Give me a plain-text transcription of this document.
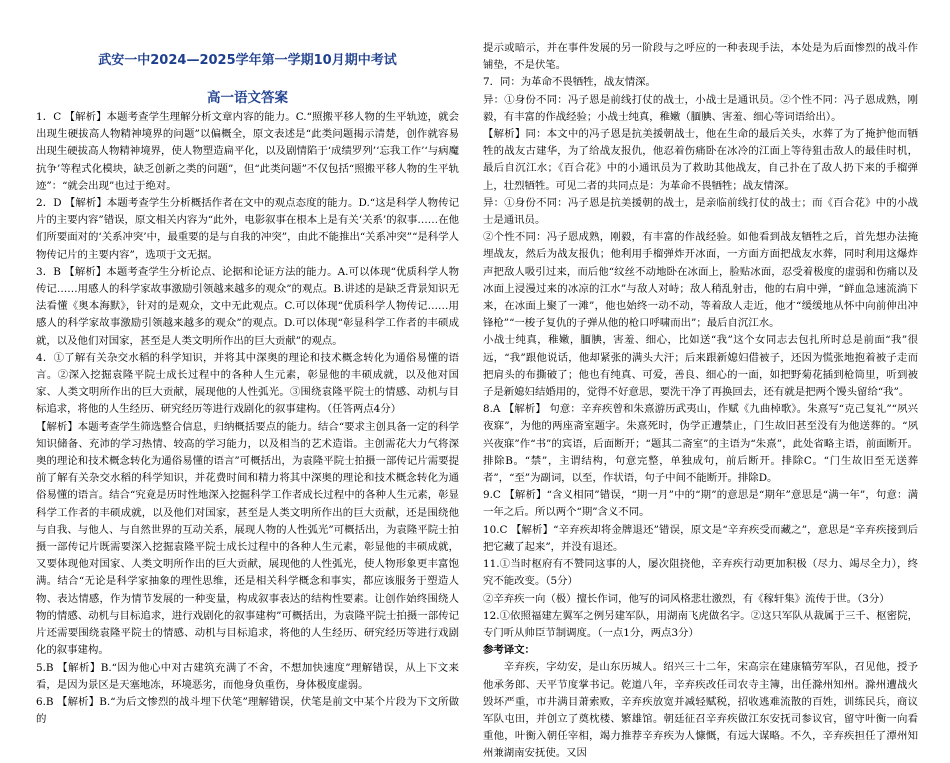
武安一中2024—2025学年第一学期10月期中考试
高一语文答案

1．C 【解析】本题考查学生理解分析文章内容的能力。C.“照搬平移人物的生平轨迹，就会出现生硬拔高人物精神境界的问题”以偏概全，原文表述是“此类问题揭示清楚，创作就容易出现生硬拔高人物精神境界，使人物塑造扁平化，以及剧情陷于‘成绩罗列’‘忘我工作’‘与病魔抗争’等程式化模块，缺乏创新之类的问题”，但“此类问题”不仅包括“照搬平移人物的生平轨迹”：“就会出现”也过于绝对。

2．D 【解析】本题考查学生分析概括作者在文中的观点态度的能力。D.“这是科学人物传记片的主要内容”错误，原文相关内容为“此外，电影叙事在根本上是有关‘关系’的叙事……在他们所要面对的‘关系冲突’中，最重要的是与自我的冲突”，由此不能推出“关系冲突”“是科学人物传记片的主要内容”，选项于文无据。

3．B 【解析】本题考查学生分析论点、论据和论证方法的能力。A.可以体现“优质科学人物传记……用感人的科学家故事激励引领越来越多的观众”的观点。B.讲述的是缺乏背景知识无法看懂《奥本海默》，针对的是观众，文中无此观点。C.可以体现“优质科学人物传记……用感人的科学家故事激励引领越来越多的观众”的观点。D.可以体现“彰显科学工作者的丰硕成就，以及他们对国家，甚至是人类文明所作出的巨大贡献”的观点。

4．①了解有关杂交水稻的科学知识，并将其中深奥的理论和技术概念转化为通俗易懂的语言。②深入挖掘袁隆平院士成长过程中的各种人生元素，彰显他的丰硕成就，以及他对国家、人类文明所作出的巨大贡献，展现他的人性弧光。③围绕袁隆平院士的情感、动机与目标追求，将他的人生经历、研究经历等进行戏剧化的叙事建构。（任答两点4分）

【解析】本题考查学生筛选整合信息，归纳概括要点的能力。结合“要求主创具备一定的科学知识储备、充沛的学习热情、较高的学习能力，以及相当的艺术造诣。主创需花大力气将深奥的理论和技术概念转化为通俗易懂的语言”可概括出，为袁隆平院士拍摄一部传记片需要提前了解有关杂交水稻的科学知识，并花费时间和精力将其中深奥的理论和技术概念转化为通俗易懂的语言。结合“究竟是历时性地深入挖掘科学工作者成长过程中的各种人生元素，彰显科学工作者的丰硕成就，以及他们对国家，甚至是人类文明所作出的巨大贡献，还是围绕他与自我、与他人、与自然世界的互动关系，展现人物的人性弧光”可概括出，为袁隆平院士拍摄一部传记片既需要深入挖掘袁隆平院士成长过程中的各种人生元素，彰显他的丰硕成就，又要体现他对国家、人类文明所作出的巨大贡献，展现他的人性弧光，使人物形象更丰富饱满。结合“无论是科学家抽象的理性思维，还是相关科学概念和事实，都应该服务于塑造人物、表达情感，作为情节发展的一种变量，构成叙事表达的结构性要素。让创作始终围绕人物的情感、动机与目标追求，进行戏剧化的叙事建构”可概括出，为袁隆平院士拍摄一部传记片还需要围绕袁隆平院士的情感、动机与目标追求，将他的人生经历、研究经历等进行戏剧化的叙事建构。

5.B 【解析】B.“因为他心中对古建筑充满了不舍，不想加快速度”理解错误，从上下文来看，是因为景区是天塞地冻，环境恶劣，而他身负重伤，身体极度虚弱。

6.B 【解析】B.“为后文惨烈的战斗埋下伏笔”理解错误，伏笔是前文中某个片段为下文所做的

提示或暗示，并在事件发展的另一阶段与之呼应的一种表现手法，本处是为后面惨烈的战斗作铺垫，不是伏笔。

7．同：为革命不畏牺牲，战友情深。

异：①身份不同：冯子恩是前线打仗的战士，小战士是通讯员。②个性不同：冯子恩成熟，刚毅，有丰富的作战经验；小战士纯真，稚嫩（腼腆、害羞、细心等词语给出）。

【解析】同：本文中的冯子恩是抗美援朝战士，他在生命的最后关头，水葬了为了掩护他而牺牲的战友古建华，为了给战友报仇，他忍着伤痛卧在冰冷的江面上等待狙击敌人的最佳时机，最后自沉江水；《百合花》中的小通讯员为了救助其他战友，自己扑在了敌人扔下来的手榴弹上，壮烈牺牲。可见二者的共同点是：为革命不畏牺牲；战友情深。

异：①身份不同：冯子恩是抗美援朝的战士，是亲临前线打仗的战士；而《百合花》中的小战士是通讯员。

②个性不同：冯子恩成熟，刚毅，有丰富的作战经验。如他看到战友牺牲之后，首先想办法掩埋战友，然后为战友报仇；他利用手榴弹炸开冰面，一方面方面把战友水葬，同时利用这爆炸声把敌人吸引过来，而后他“纹丝不动地卧在冰面上，脸贴冰面，忍受着极度的虚弱和伤痛以及冰面上浸漫过来的冰凉的江水”与敌人对峙；敌人稍乱射击，他的右肩中弹，“鲜血急速流淌下来，在冰面上聚了一滩”，他也始终一动不动，等着敌人走近，他才“缓缓地从怀中向前伸出冲锋枪”“一梭子复仇的子弹从他的枪口呼啸而出”；最后自沉江水。

小战士纯真，稚嫩，腼腆，害羞、细心，比如送“我”这个女同志去包扎所时总是前面“我”很远，“我”跟他说话，他却紧张的满头大汗；后来跟新媳妇借被子，还因为慌张地抱着被子走而把肩头的布撕破了；他也有纯真、可爱，善良、细心的一面，如把野菊花插到枪筒里，听到被子是新媳妇结婚用的，觉得不好意思，要洗干净了再换回去，还有就是把两个馒头留给“我”。

8.A 【解析】 句意：辛弃疾曾和朱熹游历武夷山，作赋《九曲棹歌》。朱熹写“克己复礼”“夙兴夜寐”，为他的两座斋室题字。朱熹死时，伪学正遭禁止，门生故旧甚至没有为他送葬的。“夙兴夜寐”作“书”的宾语，后面断开；“题其二斋室”的主语为“朱熹”，此处省略主语，前面断开。排除B。“禁”，主谓结构，句意完整，单独成句，前后断开。排除C。“门生故旧至无送葬者”，“至”为副词，以至，作状语，句子中间不能断开。排除D。

9.C 【解析】“含义相同”错误，“期一月”中的“期”的意思是“期年”意思是“满一年”，句意：满一年之后。所以两个“期”含义不同。

10.C 【解析】“辛弃疾却将金牌退还”错误，原文是“辛弃疾受而藏之”，意思是“辛弃疾接到后把它藏了起来”，并没有退还。

11.①当时枢府有不赞同这事的人，屡次阻挠他，辛弃疾行动更加积极（尽力、竭尽全力），终究不能改变。（5分）

②辛弃疾一向（极）擅长作词，他写的词风格悲壮激烈，有《稼轩集》流传于世。（3分）

12.①依照福建左翼军之例另建军队，用湖南飞虎做名字。②这只军队从裁属于三千、枢密院，专门听从帅臣节制调度。（一点1分，两点3分）

参考译文：

辛弃疾，字幼安，是山东历城人。绍兴三十二年，宋高宗在建康犒劳军队，召见他，授予他承务郎、天平节度掌书记。乾道八年，辛弃疾改任司农寺主簿，出任滁州知州。滁州遭战火毁坏严重，市井满目萧索败，辛弃疾放宽并减轻赋税，招收逃难流散的百姓，训练民兵，商议军队屯田，并创立了奠枕楼、繁雄馆。朝廷征召辛弃疾做江东安抚司参议官，留守叶衡一向看重他，叶衡入朝任宰相，竭力推荐辛弃疾为人慷慨，有远大谋略。不久，辛弃疾担任了潭州知州兼湖南安抚使。又因
